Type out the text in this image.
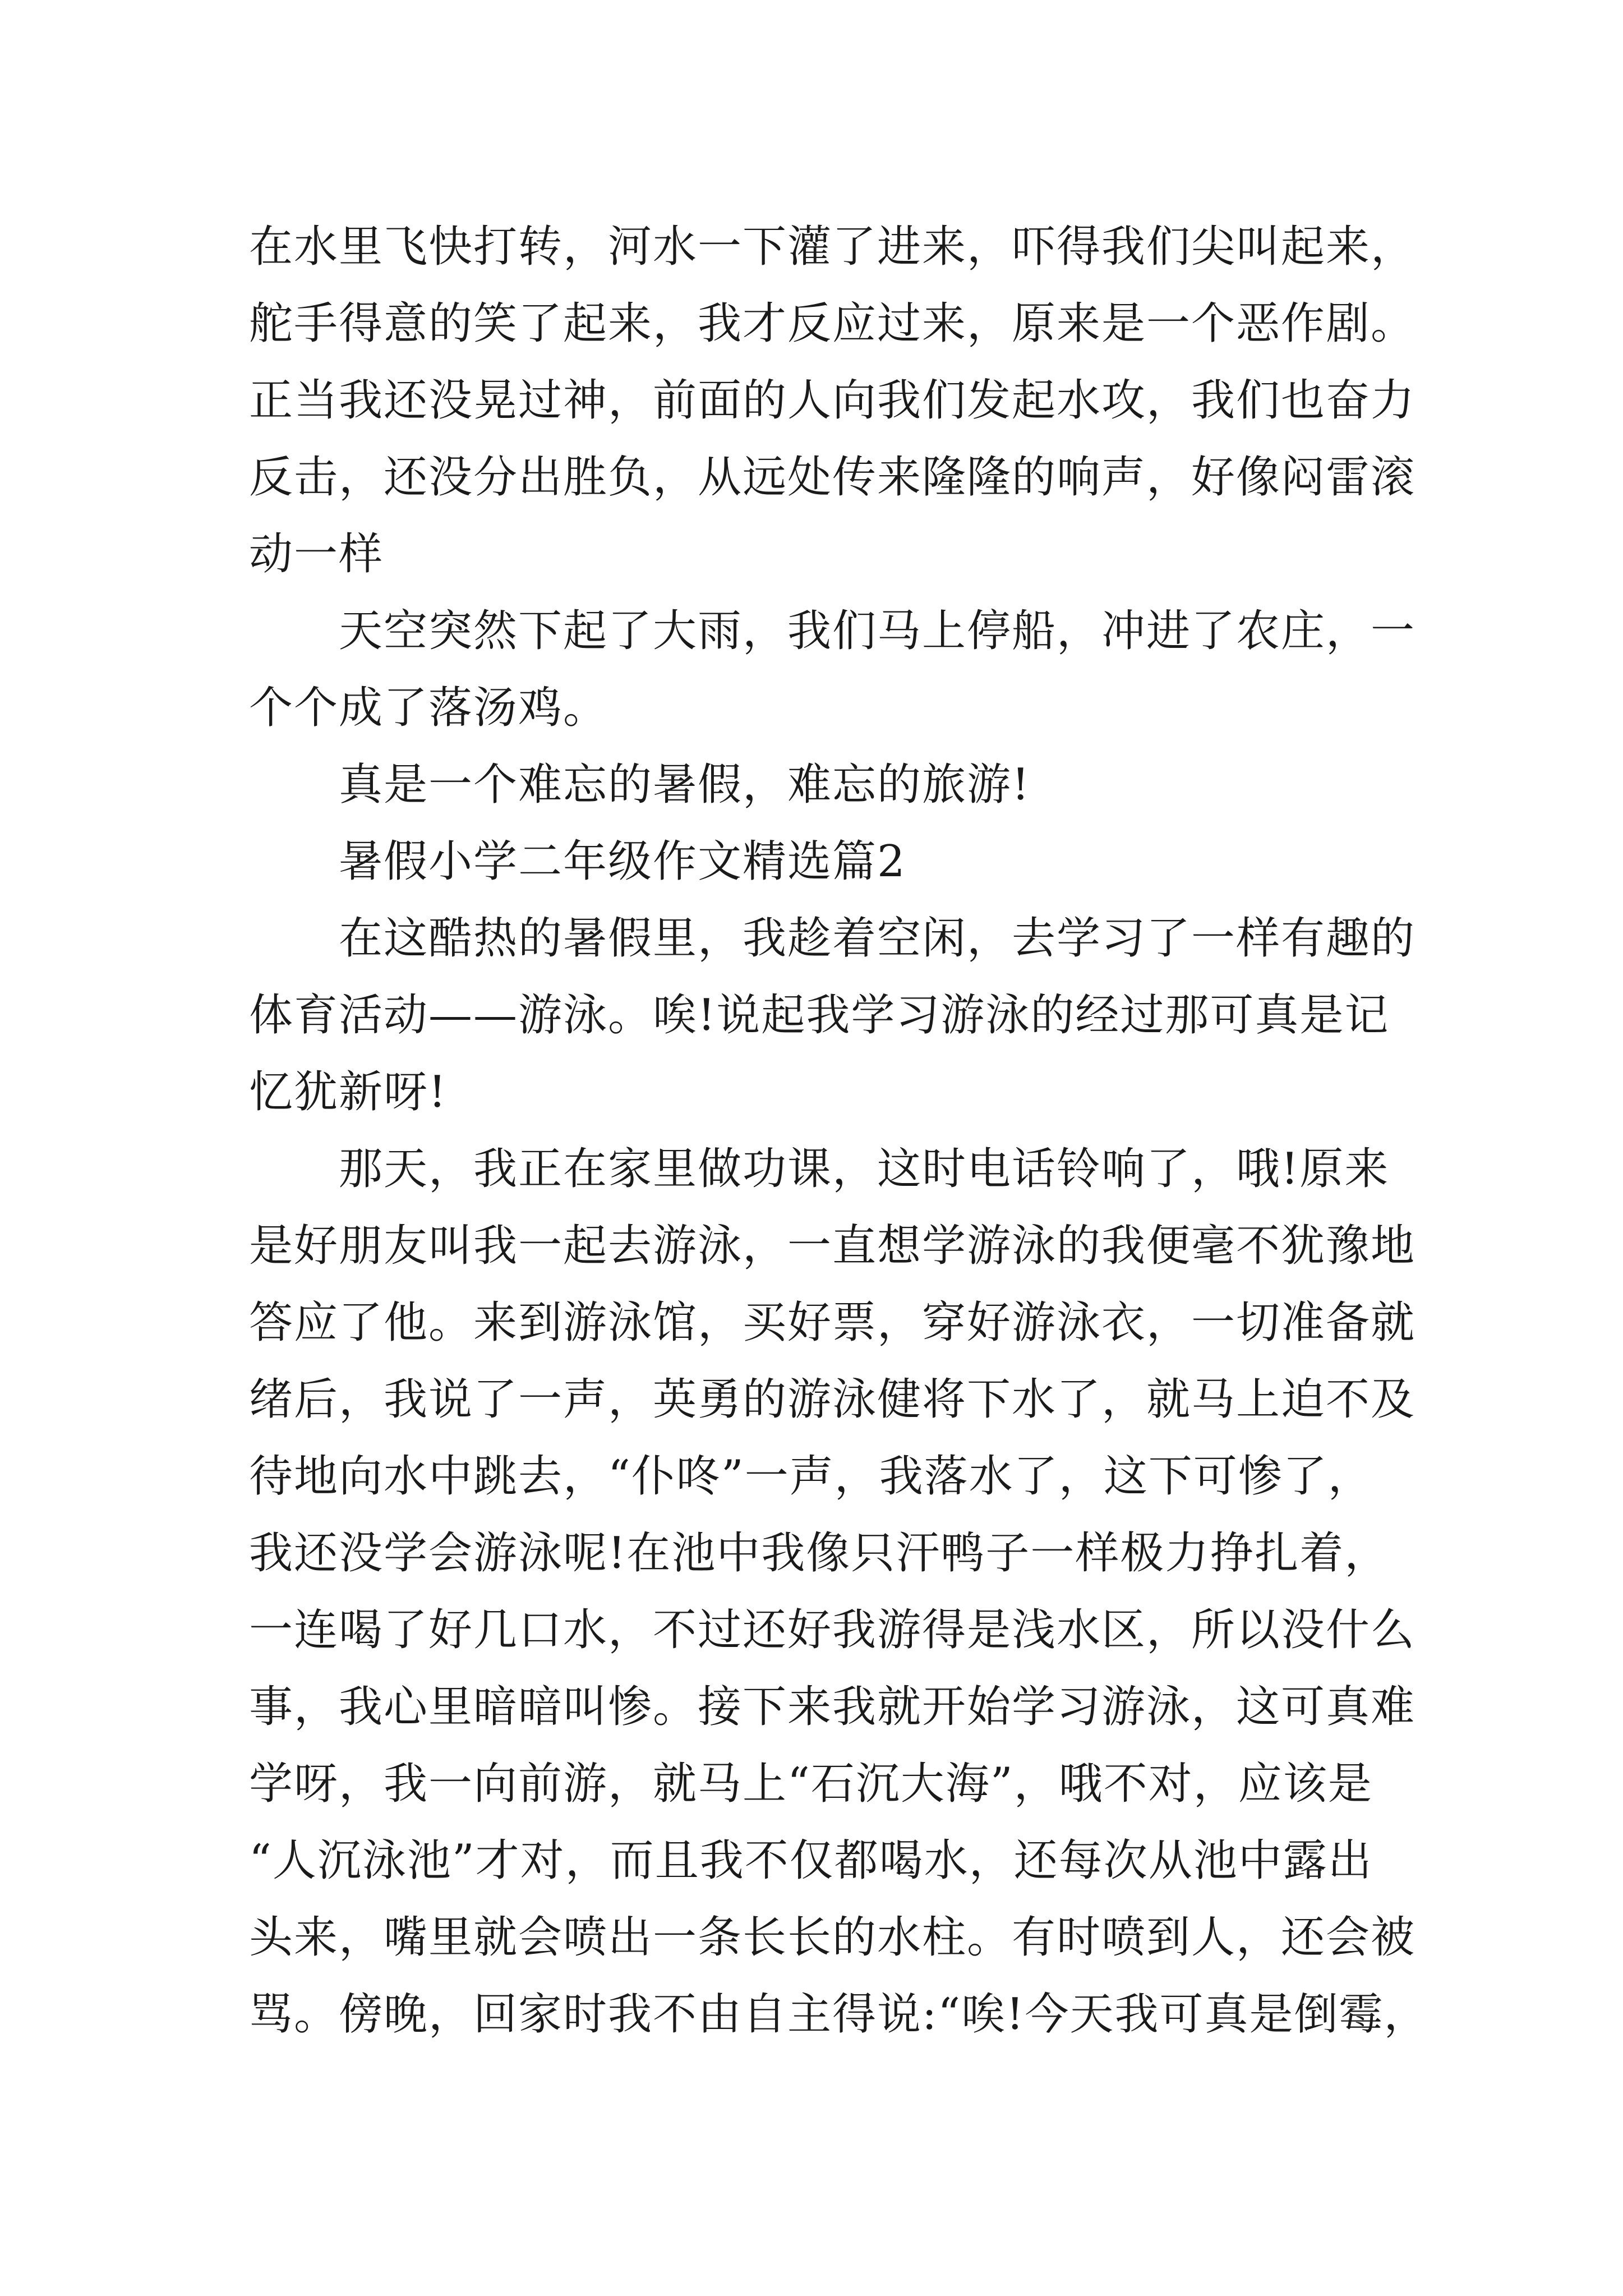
在水里飞快打转，河水一下灌了进来，吓得我们尖叫起来，
舵手得意的笑了起来，我才反应过来，原来是一个恶作剧。
正当我还没晃过神，前面的人向我们发起水攻，我们也奋力
反击，还没分出胜负，从远处传来隆隆的响声，好像闷雷滚
动一样
天空突然下起了大雨，我们马上停船，冲进了农庄，一
个个成了落汤鸡。
真是一个难忘的暑假，难忘的旅游!
暑假小学二年级作文精选篇2
在这酷热的暑假里，我趁着空闲，去学习了一样有趣的
体育活动——游泳。唉!说起我学习游泳的经过那可真是记
忆犹新呀!
那天，我正在家里做功课，这时电话铃响了，哦!原来
是好朋友叫我一起去游泳，一直想学游泳的我便毫不犹豫地
答应了他。来到游泳馆，买好票，穿好游泳衣，一切准备就
绪后，我说了一声，英勇的游泳健将下水了，就马上迫不及
待地向水中跳去，“仆咚”一声，我落水了，这下可惨了，
我还没学会游泳呢!在池中我像只汗鸭子一样极力挣扎着，
一连喝了好几口水，不过还好我游得是浅水区，所以没什么
事，我心里暗暗叫惨。接下来我就开始学习游泳，这可真难
学呀，我一向前游，就马上“石沉大海”，哦不对，应该是
“人沉泳池”才对，而且我不仅都喝水，还每次从池中露出
头来，嘴里就会喷出一条长长的水柱。有时喷到人，还会被
骂。傍晚，回家时我不由自主得说:“唉!今天我可真是倒霉，
